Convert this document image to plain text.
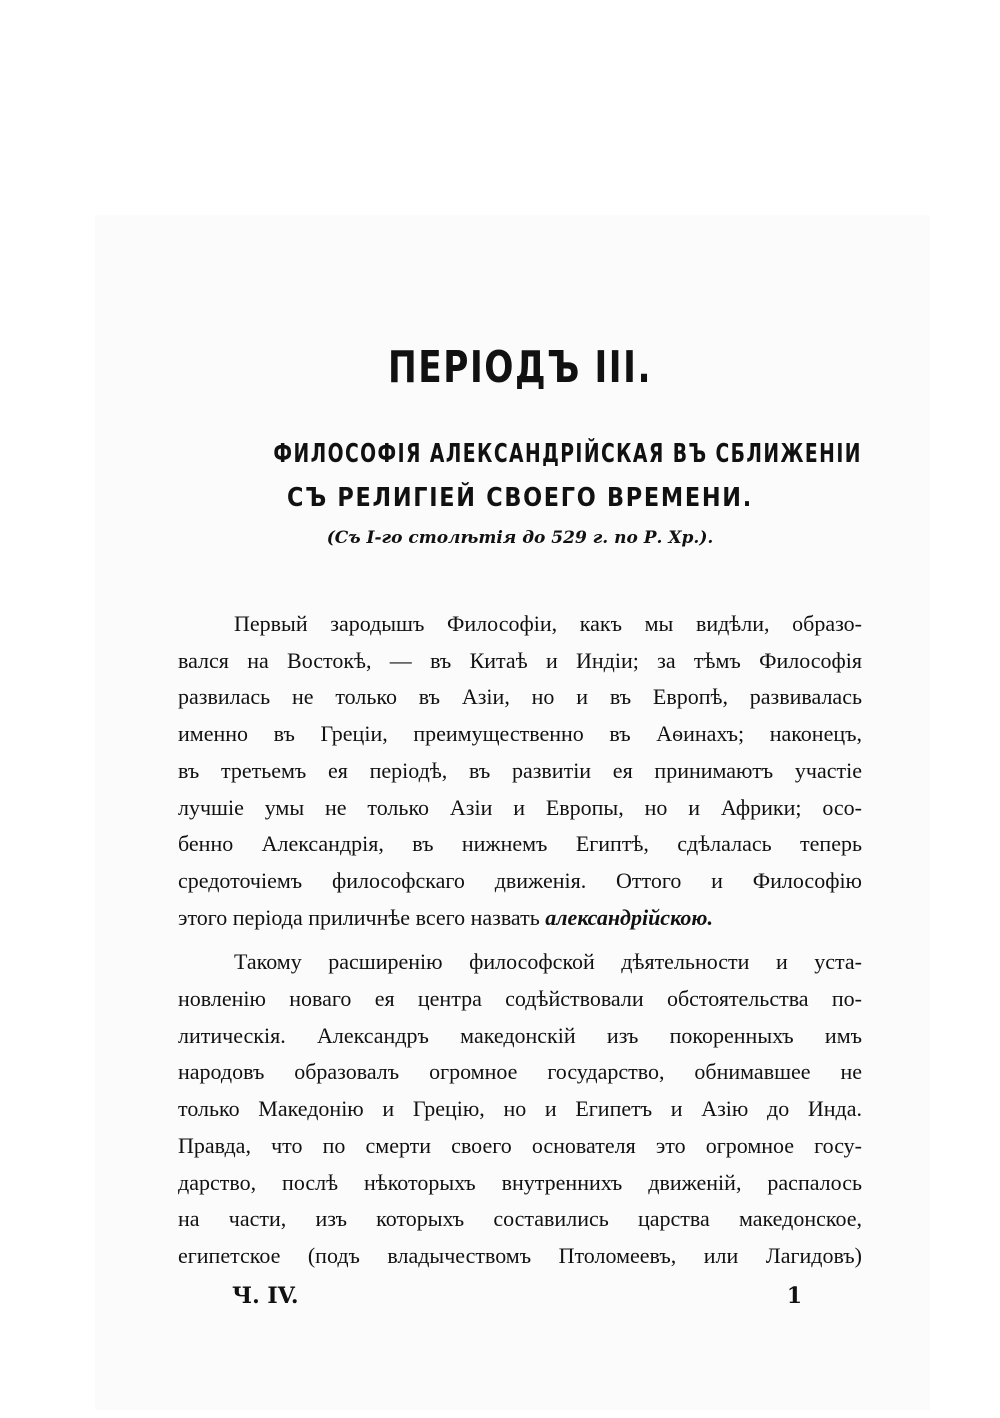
ПЕРІОДЪ III.
ФИЛОСОФІЯ АЛЕКСАНДРІЙСКАЯ ВЪ СБЛИЖЕНІИ
СЪ РЕЛИГІЕЙ СВОЕГО ВРЕМЕНИ.
(Съ І-го столѣтія до 529 г. по Р. Хр.).
Первый зародышъ Философіи, какъ мы видѣли, образо-
вался на Востокѣ, — въ Китаѣ и Индіи; за тѣмъ Философія
развилась не только въ Азіи, но и въ Европѣ, развивалась
именно въ Греціи, преимущественно въ Аѳинахъ; наконецъ,
въ третьемъ ея періодѣ, въ развитіи ея принимаютъ участіе
лучшіе умы не только Азіи и Европы, но и Африки; осо-
бенно Александрія, въ нижнемъ Египтѣ, сдѣлалась теперь
средоточіемъ философскаго движенія. Оттого и Философію
этого періода приличнѣе всего назвать александрійскою.
Такому расширенію философской дѣятельности и уста-
новленію новаго ея центра содѣйствовали обстоятельства по-
литическія. Александръ македонскій изъ покоренныхъ имъ
народовъ образовалъ огромное государство, обнимавшее не
только Македонію и Грецію, но и Египетъ и Азію до Инда.
Правда, что по смерти своего основателя это огромное госу-
дарство, послѣ нѣкоторыхъ внутреннихъ движеній, распалось
на части, изъ которыхъ составились царства македонское,
египетское (подъ владычествомъ Птоломеевъ, или Лагидовъ)
Ч. IV.	1
